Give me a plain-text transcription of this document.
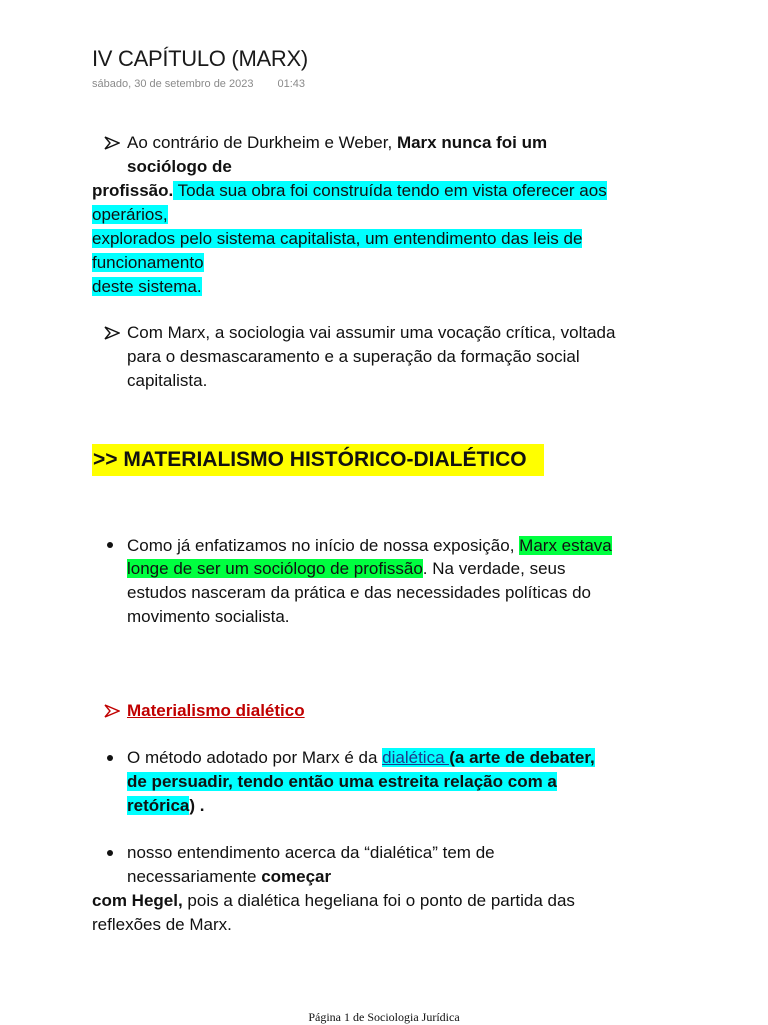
IV CAPÍTULO (MARX)
sábado, 30 de setembro de 2023 01:43
Ao contrário de Durkheim e Weber, Marx nunca foi um
sociólogo de
profissão. Toda sua obra foi construída tendo em vista oferecer aos
operários,
explorados pelo sistema capitalista, um entendimento das leis de
funcionamento
deste sistema.
Com Marx, a sociologia vai assumir uma vocação crítica, voltada
para o desmascaramento e a superação da formação social
capitalista.
>> MATERIALISMO HISTÓRICO-DIALÉTICO
Como já enfatizamos no início de nossa exposição, Marx estava
longe de ser um sociólogo de profissão. Na verdade, seus
estudos nasceram da prática e das necessidades políticas do
movimento socialista.
Materialismo dialético
O método adotado por Marx é da dialética (a arte de debater,
de persuadir, tendo então uma estreita relação com a
retórica) .
nosso entendimento acerca da “dialética” tem de
necessariamente começar
com Hegel, pois a dialética hegeliana foi o ponto de partida das
reflexões de Marx.
Página 1 de Sociologia Jurídica
